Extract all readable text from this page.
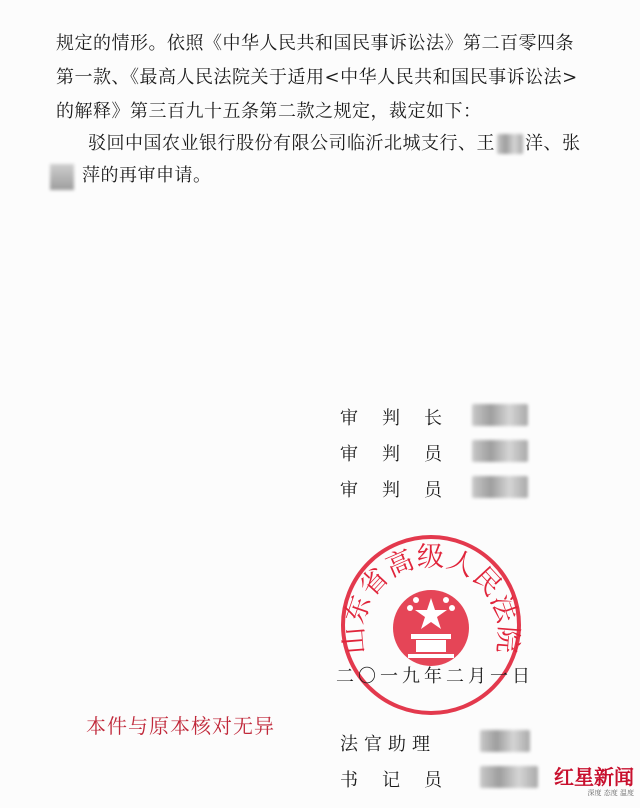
规定的情形。依照《中华人民共和国民事诉讼法》第二百零四条
第一款、《最高人民法院关于适用<中华人民共和国民事诉讼法>
的解释》第三百九十五条第二款之规定，裁定如下：
驳回中国农业银行股份有限公司临沂北城支行、王 洋、张
萍的再审申请。
审判长
审判员
审判员
山东省高级人民法院
二〇一九年二月一日
本件与原本核对无异
法官助理
书记员	红星新闻
深度 态度 温度
